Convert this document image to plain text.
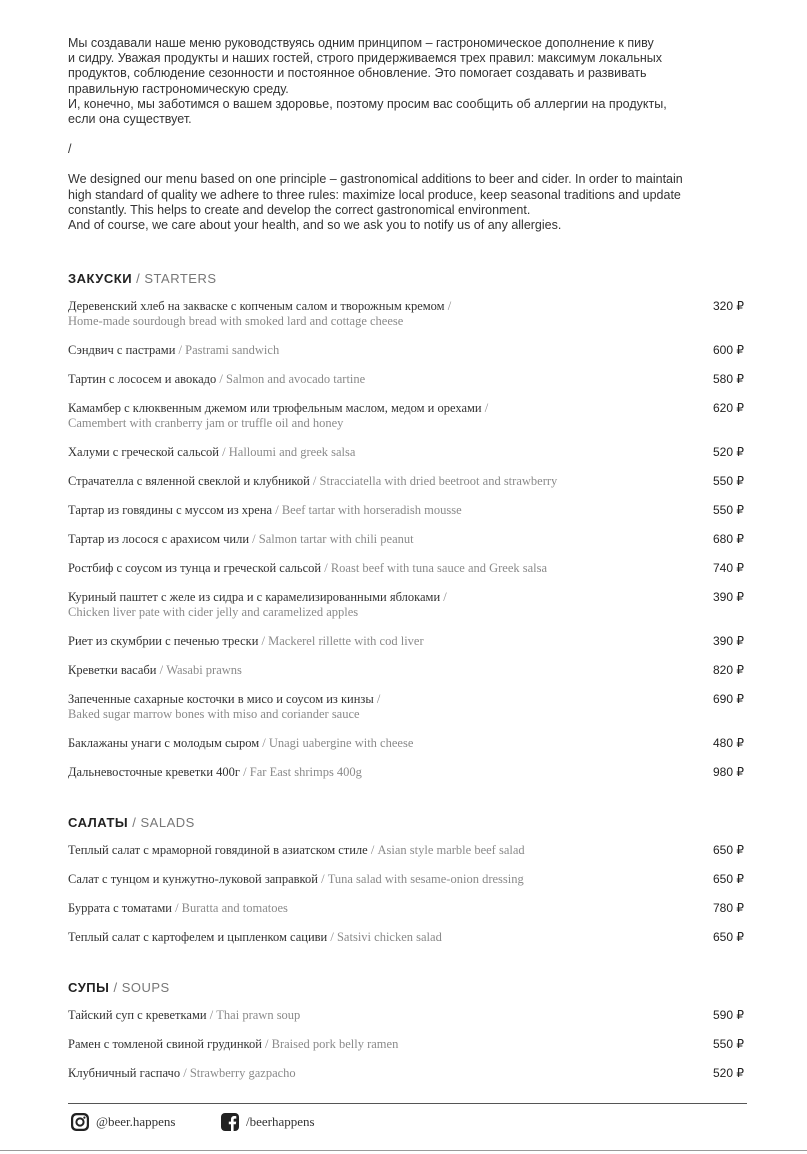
Мы создавали наше меню руководствуясь одним принципом – гастрономическое дополнение к пиву

и сидру. Уважая продукты и наших гостей, строго придерживаемся трех правил: максимум локальных

продуктов, соблюдение сезонности и постоянное обновление. Это помогает создавать и развивать

правильную гастрономическую среду.

И, конечно, мы заботимся о вашем здоровье, поэтому просим вас сообщить об аллергии на продукты,

если она существует.

/

We designed our menu based on one principle – gastronomical additions to beer and cider. In order to maintain

high standard of quality we adhere to three rules: maximize local produce, keep seasonal traditions and update

constantly. This helps to create and develop the correct gastronomical environment.

And of course, we care about your health, and so we ask you to notify us of any allergies.

ЗАКУСКИ / STARTERS
Деревенский хлеб на закваске с копченым салом и творожным кремом /
Home-made sourdough bread with smoked lard and cottage cheese
320 ₽
Сэндвич с пастрами / Pastrami sandwich	600 ₽
Тартин с лососем и авокадо / Salmon and avocado tartine	580 ₽
Камамбер с клюквенным джемом или трюфельным маслом, медом и орехами /
Camembert with cranberry jam or truffle oil and honey
620 ₽
Халуми с греческой сальсой / Halloumi and greek salsa	520 ₽
Страчателла с вяленной свеклой и клубникой / Stracciatella with dried beetroot and strawberry	550 ₽
Тартар из говядины с муссом из хрена / Beef tartar with horseradish mousse	550 ₽
Тартар из лосося с арахисом чили / Salmon tartar with chili peanut	680 ₽
Ростбиф с соусом из тунца и греческой сальсой / Roast beef with tuna sauce and Greek salsa	740 ₽
Куриный паштет с желе из сидра и с карамелизированными яблоками /
Chicken liver pate with cider jelly and caramelized apples
390 ₽
Риет из скумбрии с печенью трески / Mackerel rillette with cod liver	390 ₽
Креветки васаби / Wasabi prawns	820 ₽
Запеченные сахарные косточки в мисо и соусом из кинзы /
Baked sugar marrow bones with miso and coriander sauce
690 ₽
Баклажаны унаги с молодым сыром / Unagi uabergine with cheese	480 ₽
Дальневосточные креветки 400г / Far East shrimps 400g	980 ₽
САЛАТЫ / SALADS
Теплый салат с мраморной говядиной в азиатском стиле / Asian style marble beef salad	650 ₽
Салат с тунцом и кунжутно-луковой заправкой / Tuna salad with sesame-onion dressing	650 ₽
Буррата с томатами / Buratta and tomatoes	780 ₽
Теплый салат с картофелем и цыпленком сациви / Satsivi chicken salad	650 ₽
СУПЫ / SOUPS
Тайский суп с креветками / Thai prawn soup	590 ₽
Рамен с томленой свиной грудинкой / Braised pork belly ramen	550 ₽
Клубничный гаспачо / Strawberry gazpacho	520 ₽
@beer.happens	/beerhappens
